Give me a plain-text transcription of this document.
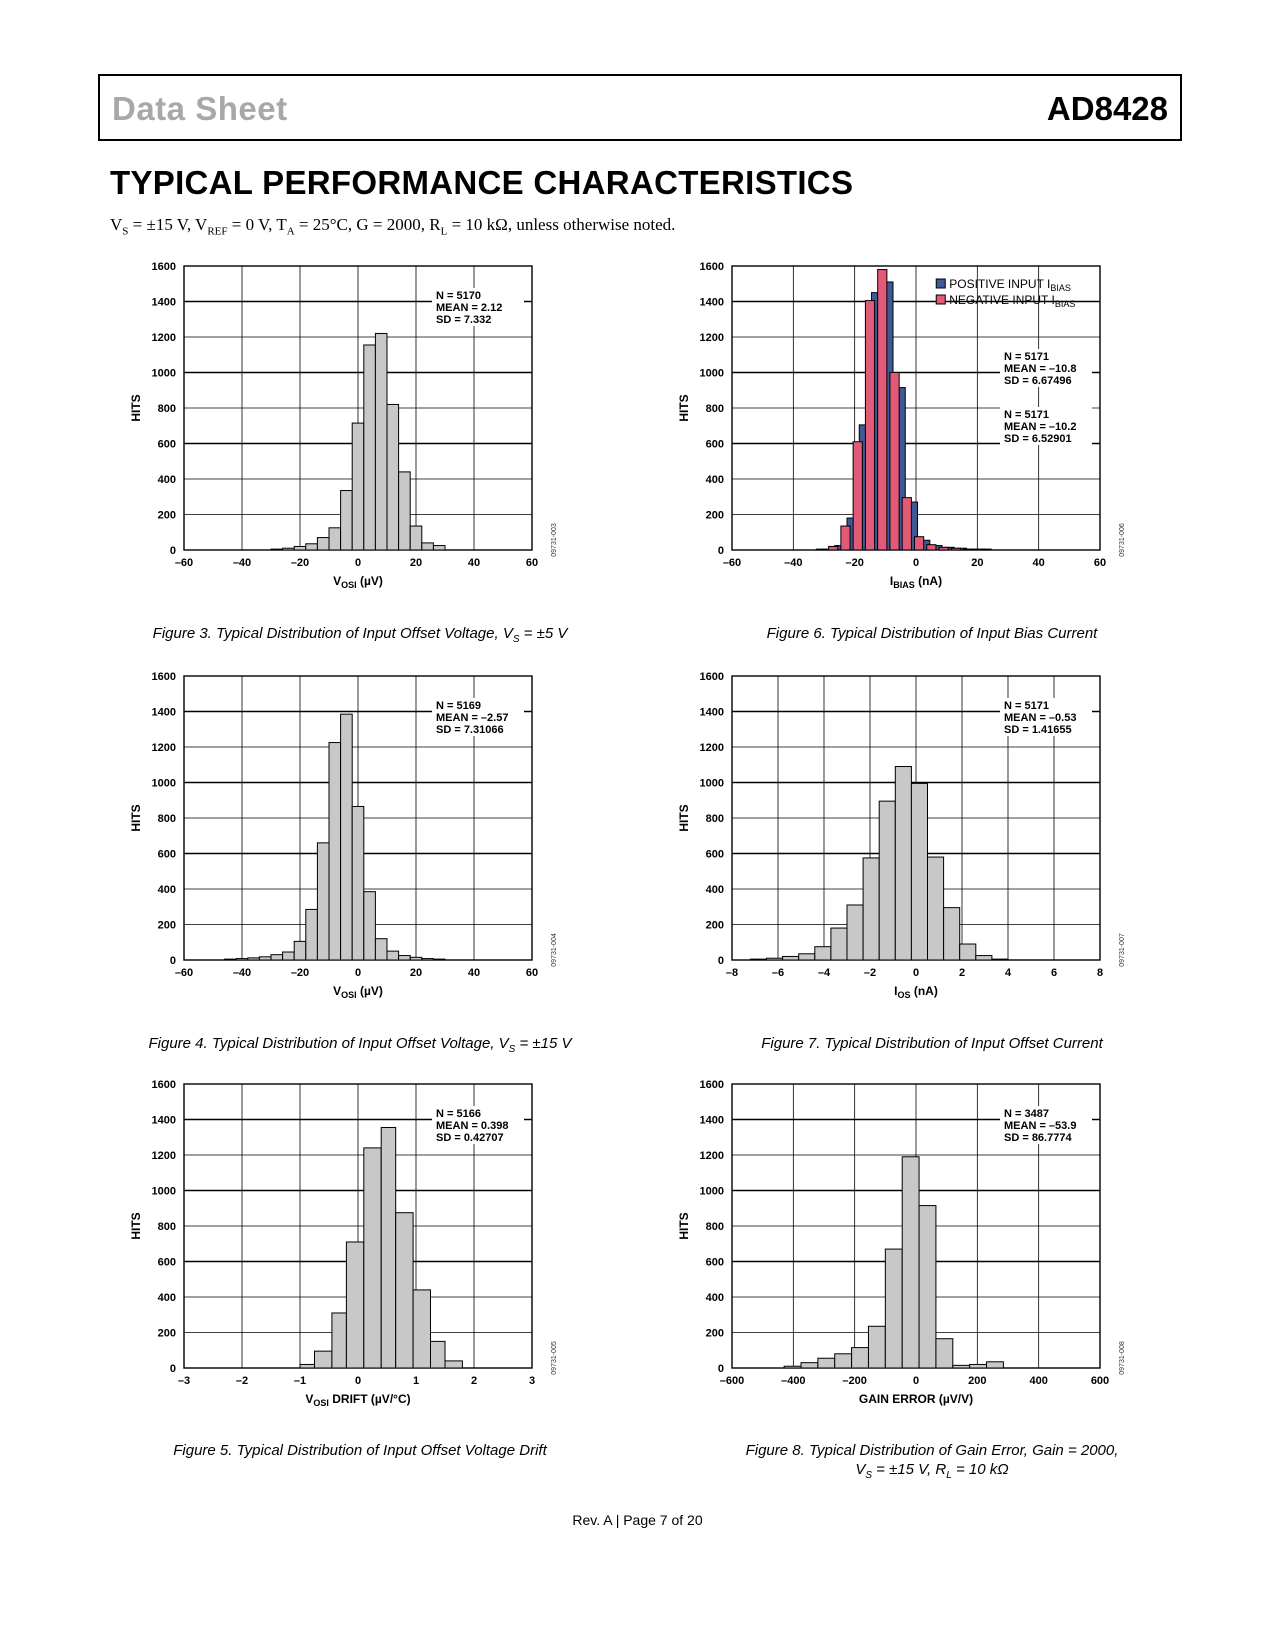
Data Sheet	AD8428
TYPICAL PERFORMANCE CHARACTERISTICS
$V_S = \pm 15$ V, $V_{REF} = 0$ V, $T_A = 25^\circ C$, G = 2000, $R_L = 10$ kΩ, unless otherwise noted.
0
200
400
600
800
1000
1200
1400
1600
–60	–40	–20	0	20	40	60
N = 5170
MEAN = 2.12
SD = 7.332
HITS
$V_{OSI}$ (µV)
09731-003
0
200
400
600
800
1000
1200
1400
1600
–60	–40	–20	0	20	40	60
N = 5169
MEAN = –2.57
SD = 7.31066
HITS
$V_{OSI}$ (µV)
09731-004
0
200
400
600
800
1000
1200
1400
1600
–3	–2	–1	0	1	2	3
N = 5166
MEAN = 0.398
SD = 0.42707
HITS
$V_{OSI}$ DRIFT (µV/°C)
09731-005
0
200
400
600
800
1000
1200
1400
1600
–60	–40	–20	0	20	40	60
POSITIVE INPUT $I_{BIAS}$
NEGATIVE INPUT $I_{BIAS}$
N = 5171
MEAN = –10.8
SD = 6.67496
N = 5171
MEAN = –10.2
SD = 6.52901
HITS
$I_{BIAS}$ (nA)
09731-006
0
200
400
600
800
1000
1200
1400
1600
–8	–6	–4	–2	0	2	4	6	8
N = 5171
MEAN = –0.53
SD = 1.41655
HITS
$I_{OS}$ (nA)
09731-007
0
200
400
600
800
1000
1200
1400
1600
–600	–400	–200	0	200	400	600
N = 3487
MEAN = –53.9
SD = 86.7774
HITS
GAIN ERROR (µV/V)
09731-008
Figure 3. Typical Distribution of Input Offset Voltage, $V_S = \pm 5$ V
Figure 4. Typical Distribution of Input Offset Voltage, $V_S = \pm 15$ V
Figure 5. Typical Distribution of Input Offset Voltage Drift
Figure 6. Typical Distribution of Input Bias Current
Figure 7. Typical Distribution of Input Offset Current
Figure 8. Typical Distribution of Gain Error, Gain = 2000,
$V_S = \pm 15$ V, $R_L = 10$ kΩ
Rev. A | Page 7 of 20
